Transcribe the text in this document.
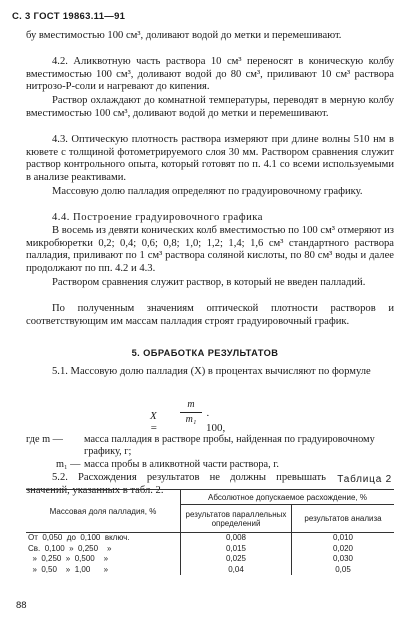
С. 3 ГОСТ 19863.11—91
бу вместимостью 100 см³, доливают водой до метки и перемешивают.
4.2. Аликвотную часть раствора 10 см³ переносят в коническую колбу вместимостью 100 см³, доливают водой до 80 см³, приливают 10 см³ раствора нитрозо-Р-соли и нагревают до кипения.
Раствор охлаждают до комнатной температуры, переводят в мерную колбу вместимостью 100 см³, доливают водой до метки и перемешивают.
4.3. Оптическую плотность раствора измеряют при длине волны 510 нм в кювете с толщиной фотометрируемого слоя 30 мм. Раствором сравнения служит раствор контрольного опыта, который готовят по п. 4.1 со всеми используемыми в анализе реактивами.
Массовую долю палладия определяют по градуировочному графику.
4.4. Построение градуировочного графика
В восемь из девяти конических колб вместимостью по 100 см³ отмеряют из микробюретки 0,2; 0,4; 0,6; 0,8; 1,0; 1,2; 1,4; 1,6 см³ стандартного раствора палладия, приливают по 1 см³ раствора соляной кислоты, по 80 см³ воды и далее продолжают по пп. 4.2 и 4.3.
Раствором сравнения служит раствор, в который не введен палладий.
По полученным значениям оптической плотности растворов и соответствующим им массам палладия строят градуировочный график.
5. ОБРАБОТКА РЕЗУЛЬТАТОВ
5.1. Массовую долю палладия (X) в процентах вычисляют по формуле
X =
m
m₁ · 100,
где m — масса палладия в растворе пробы, найденная по градуировочному графику, г;
m₁ — масса пробы в аликвотной части раствора, г.
5.2. Расхождения результатов не должны превышать значений, указанных в табл. 2.
Таблица 2
Массовая доля палладия, %	Абсолютное допускаемое расхождение, %	
	результатов параллельных определений	результатов анализа
От  0,050  до  0,100  включ.	0,008	0,010
Св.  0,100  »  0,250    »	0,015	0,020
»  0,250  »  0,500    »	0,025	0,030
»  0,50    »  1,00      »	0,04	0,05
88
